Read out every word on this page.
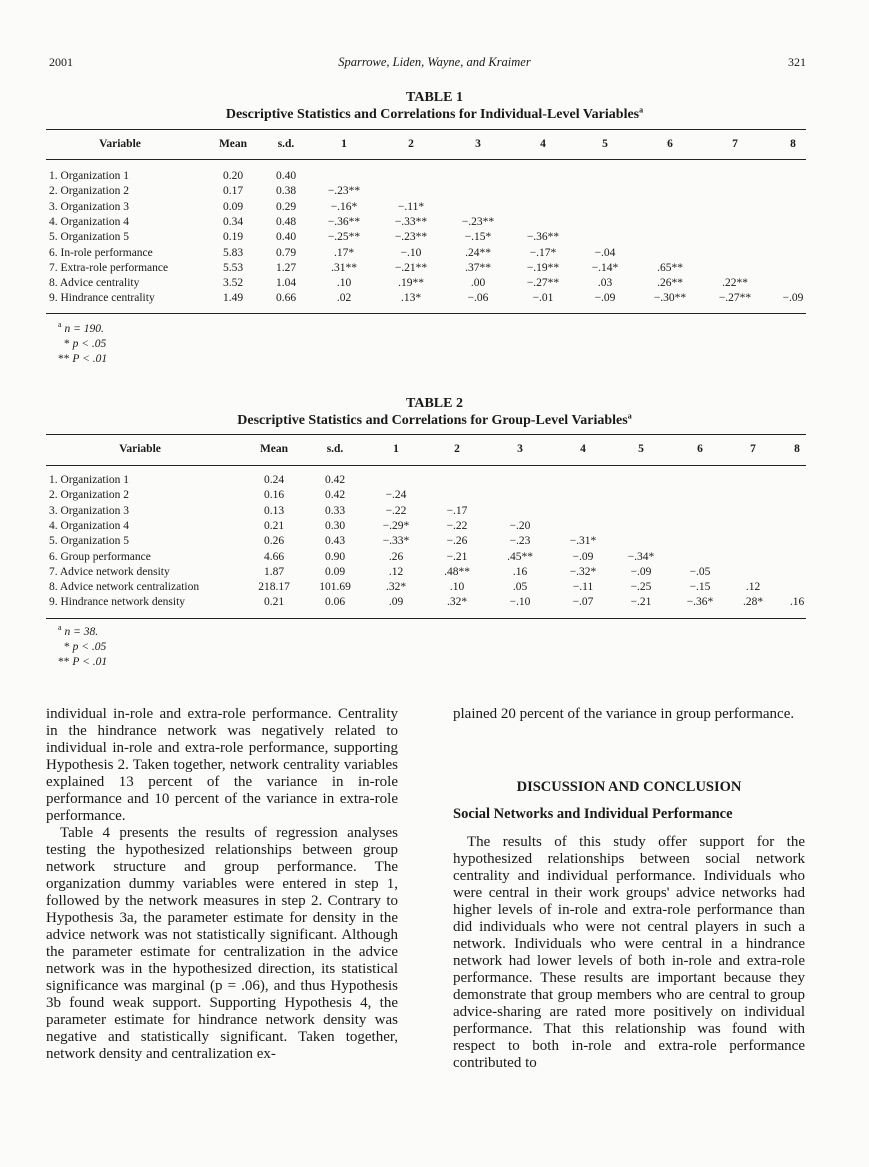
2001	Sparrowe, Liden, Wayne, and Kraimer	321
TABLE 1
Descriptive Statistics and Correlations for Individual-Level Variables$^a$
Variable	Mean	s.d.	1	2	3	4	5	6	7	8
1. Organization 1	0.20	0.40
2. Organization 2	0.17	0.38	−.23**
3. Organization 3	0.09	0.29	−.16*	−.11*
4. Organization 4	0.34	0.48	−.36**	−.33**	−.23**
5. Organization 5	0.19	0.40	−.25**	−.23**	−.15*	−.36**
6. In-role performance	5.83	0.79	.17*	−.10	.24**	−.17*	−.04
7. Extra-role performance	5.53	1.27	.31**	−.21**	.37**	−.19**	−.14*	.65**
8. Advice centrality	3.52	1.04	.10	.19**	.00	−.27**	.03	.26**	.22**
9. Hindrance centrality	1.49	0.66	.02	.13*	−.06	−.01	−.09	−.30**	−.27**	−.09
$^a$ n = 190.
* p < .05
** P < .01
TABLE 2
Descriptive Statistics and Correlations for Group-Level Variables$^a$
Variable	Mean	s.d.	1	2	3	4	5	6	7	8
1. Organization 1	0.24	0.42
2. Organization 2	0.16	0.42	−.24
3. Organization 3	0.13	0.33	−.22	−.17
4. Organization 4	0.21	0.30	−.29*	−.22	−.20
5. Organization 5	0.26	0.43	−.33*	−.26	−.23	−.31*
6. Group performance	4.66	0.90	.26	−.21	.45**	−.09	−.34*
7. Advice network density	1.87	0.09	.12	.48**	.16	−.32*	−.09	−.05
8. Advice network centralization	218.17	101.69	.32*	.10	.05	−.11	−.25	−.15	.12
9. Hindrance network density	0.21	0.06	.09	.32*	−.10	−.07	−.21	−.36*	.28* .16
$^a$ n = 38.
* p < .05
** P < .01

individual in-role and extra-role performance. Centrality in the hindrance network was negatively related to individual in-role and extra-role performance, supporting Hypothesis 2. Taken together, network centrality variables explained 13 percent of the variance in in-role performance and 10 percent of the variance in extra-role performance.

Table 4 presents the results of regression analyses testing the hypothesized relationships between group network structure and group performance. The organization dummy variables were entered in step 1, followed by the network measures in step 2. Contrary to Hypothesis 3a, the parameter estimate for density in the advice network was not statistically significant. Although the parameter estimate for centralization in the advice network was in the hypothesized direction, its statistical significance was marginal (p = .06), and thus Hypothesis 3b found weak support. Supporting Hypothesis 4, the parameter estimate for hindrance network density was negative and statistically significant. Taken together, network density and centralization ex-

plained 20 percent of the variance in group performance.

DISCUSSION AND CONCLUSION
Social Networks and Individual Performance

The results of this study offer support for the hypothesized relationships between social network centrality and individual performance. Individuals who were central in their work groups' advice networks had higher levels of in-role and extra-role performance than did individuals who were not central players in such a network. Individuals who were central in a hindrance network had lower levels of both in-role and extra-role performance. These results are important because they demonstrate that group members who are central to group advice-sharing are rated more positively on individual performance. That this relationship was found with respect to both in-role and extra-role performance contributed to
